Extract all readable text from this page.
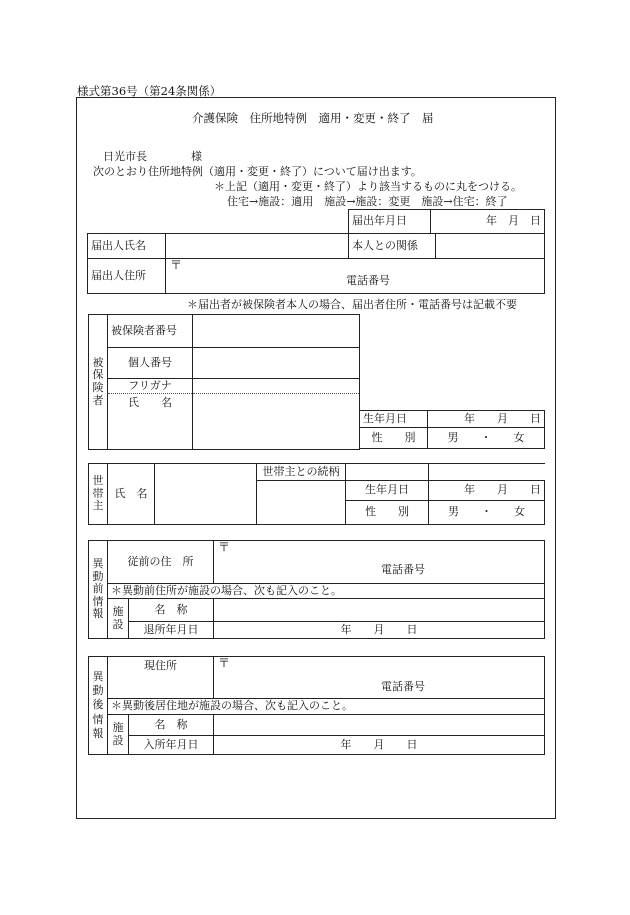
様式第36号（第24条関係）
介護保険　住所地特例　適用・変更・終了　届
日光市長　　　　様
次のとおり住所地特例（適用・変更・終了）について届け出ます。
＊上記（適用・変更・終了）より該当するものに丸をつける。
住宅→施設：適用　施設→施設：変更　施設→住宅：終了
届出年月日	年　月　日
届出人氏名		本人との関係	
届出人住所	〒
電話番号		
＊届出者が被保険者本人の場合、届出者住所・電話番号は記載不要
被保険者	被保険者番号	

	個人番号	

	フリガナ	
	氏　　名	
生年月日	年　　月　　日
性　　別	男　　・　　女
世帯主	氏　名		世帯主との続柄		
				生年月日	年　　月　　日
				性　　別	男　　・　　女
異動前情報	従前の住　所		〒
電話番号

	＊異動前住所が施設の場合、次も記入のこと。		
	施設	名　称	
		退所年月日	年　　月　　日
異動後情報	現住所		〒
電話番号

	＊異動後居住地が施設の場合、次も記入のこと。		
	施設	名　称	
		入所年月日	年　　月　　日
